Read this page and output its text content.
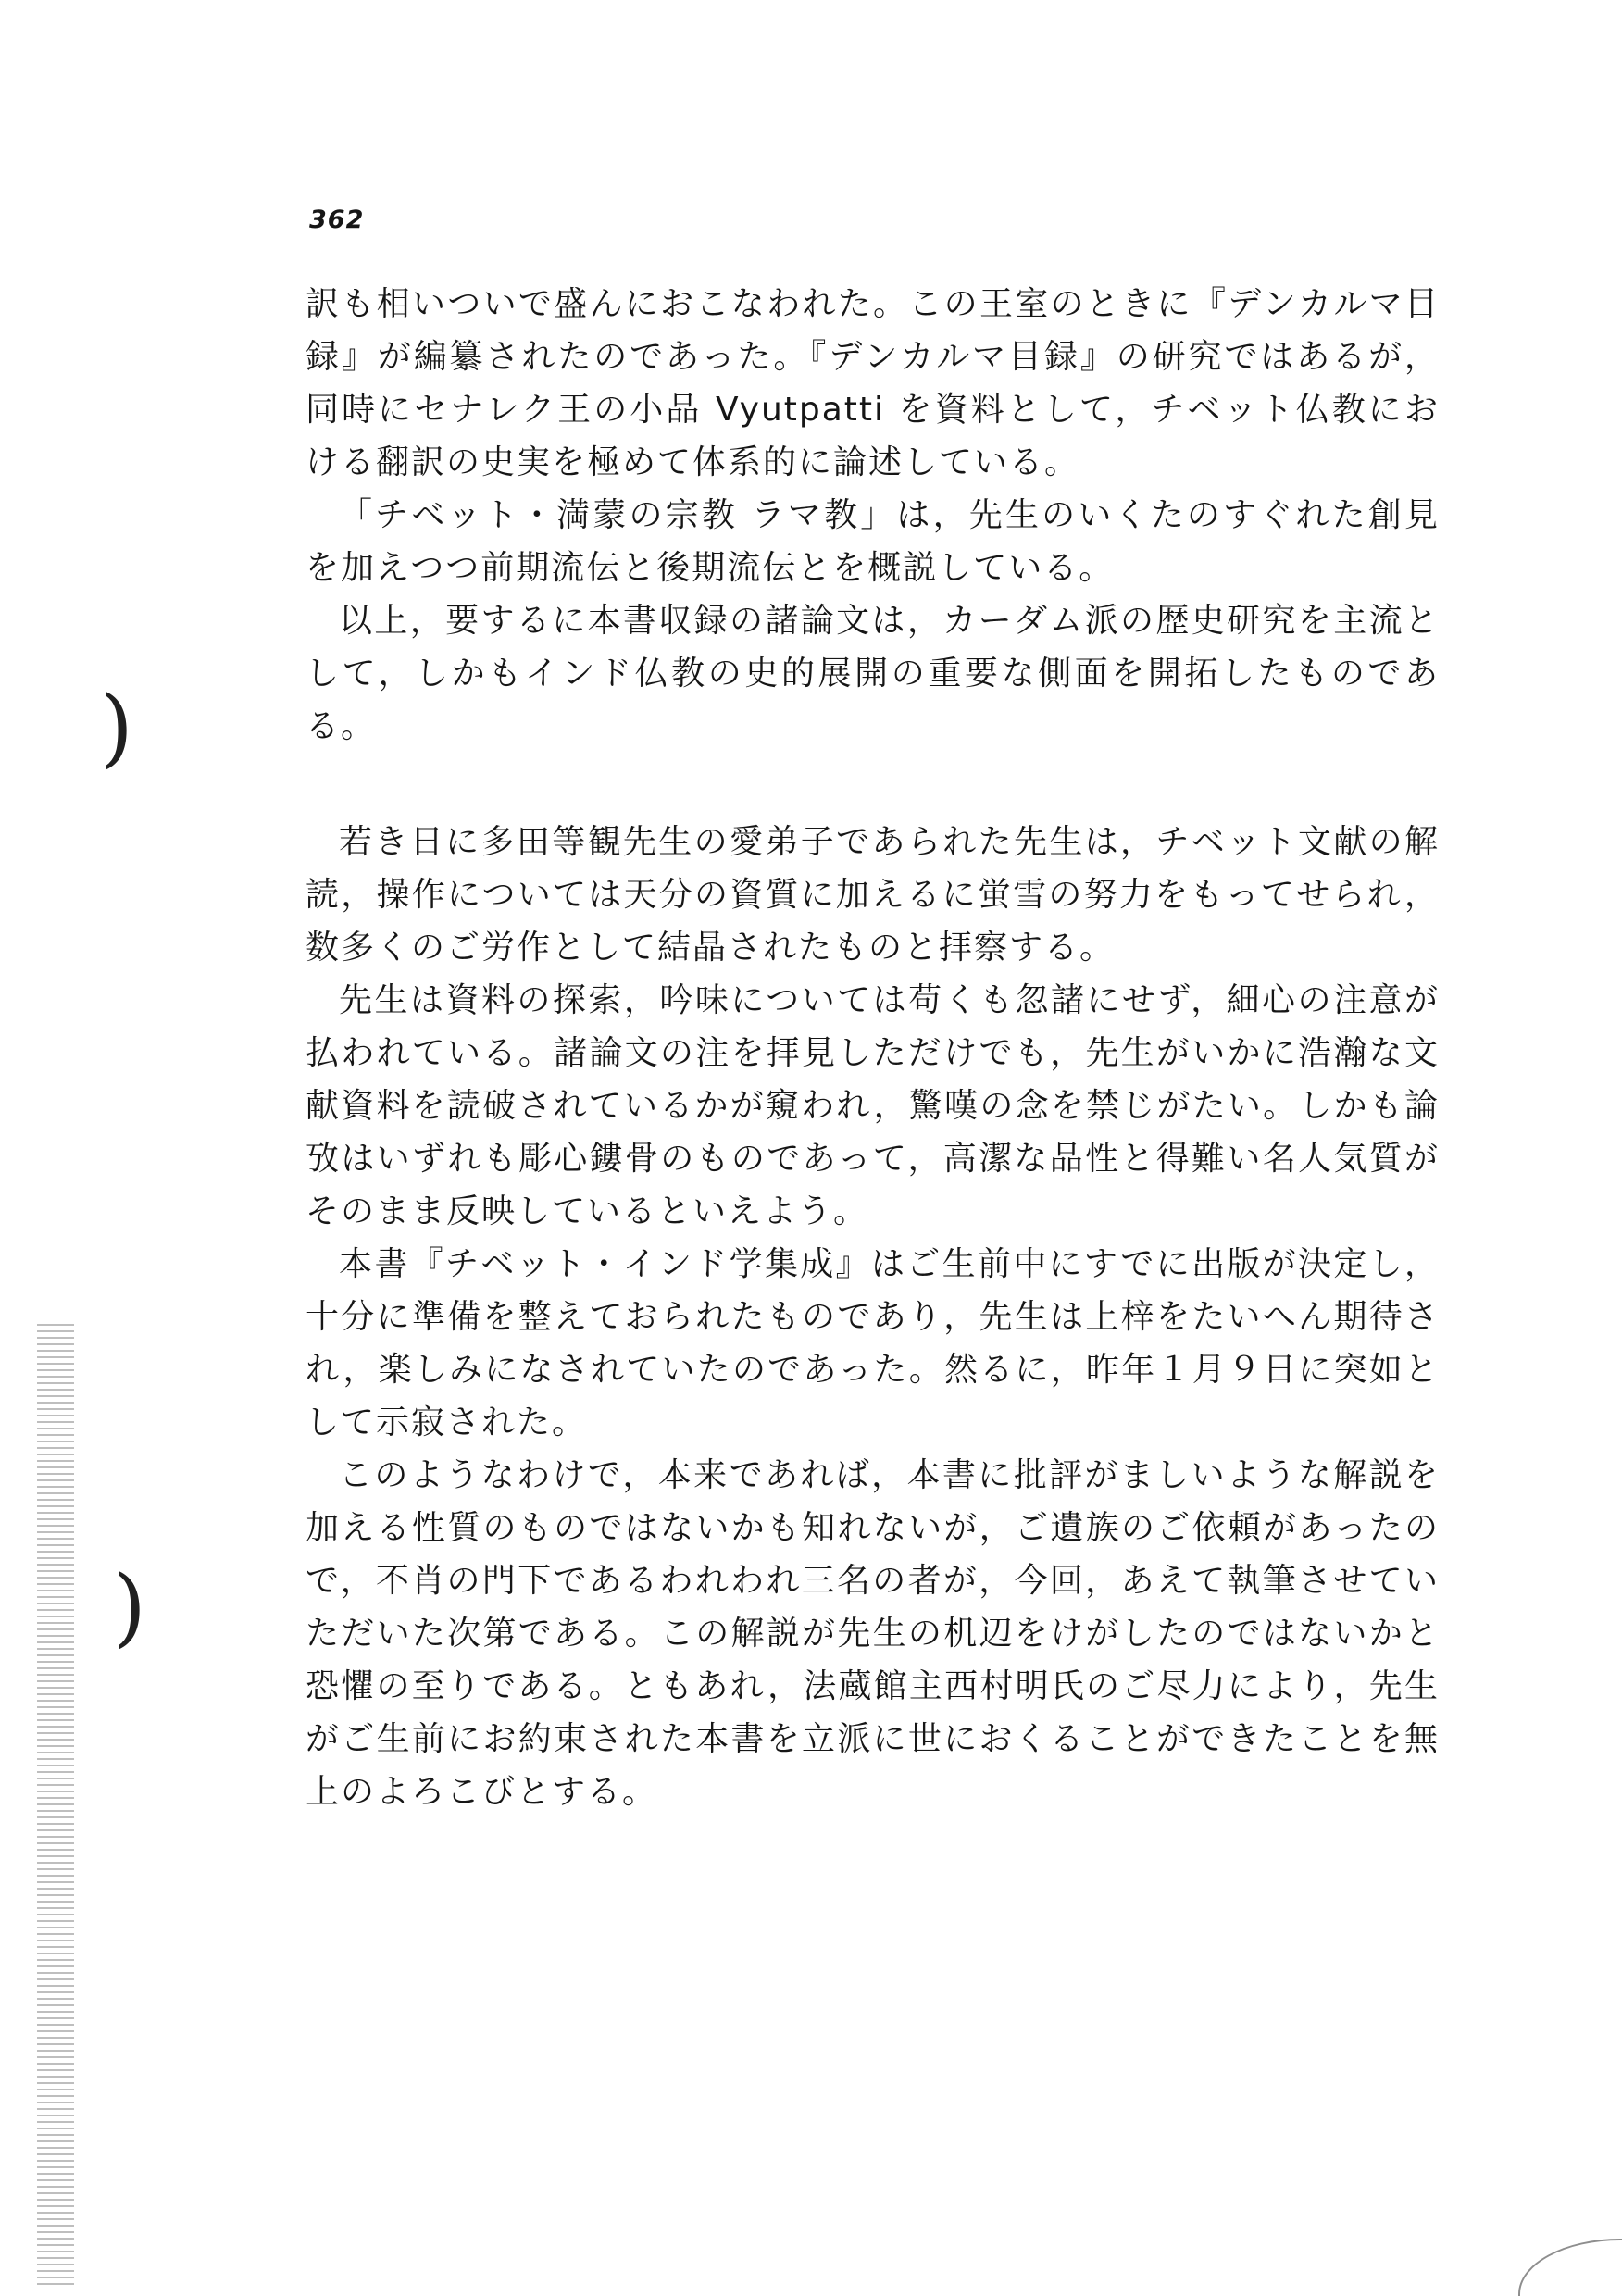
)
)
362

訳も相いついで盛んにおこなわれた。この王室のときに『デンカルマ目録』が編纂されたのであった。『デンカルマ目録』の研究ではあるが，同時にセナレク王の小品 Vyutpatti を資料として，チベット仏教における翻訳の史実を極めて体系的に論述している。

「チベット・満蒙の宗教 ラマ教」は，先生のいくたのすぐれた創見を加えつつ前期流伝と後期流伝とを概説している。

以上，要するに本書収録の諸論文は，カーダム派の歴史研究を主流として，しかもインド仏教の史的展開の重要な側面を開拓したものである。

若き日に多田等観先生の愛弟子であられた先生は，チベット文献の解読，操作については天分の資質に加えるに蛍雪の努力をもってせられ，数多くのご労作として結晶されたものと拝察する。

先生は資料の探索，吟味については苟くも忽諸にせず，細心の注意が払われている。諸論文の注を拝見しただけでも，先生がいかに浩瀚な文献資料を読破されているかが窺われ，驚嘆の念を禁じがたい。しかも論攷はいずれも彫心鏤骨のものであって，高潔な品性と得難い名人気質がそのまま反映しているといえよう。

本書『チベット・インド学集成』はご生前中にすでに出版が決定し，十分に準備を整えておられたものであり，先生は上梓をたいへん期待され，楽しみになされていたのであった。然るに，昨年１月９日に突如として示寂された。

このようなわけで，本来であれば，本書に批評がましいような解説を加える性質のものではないかも知れないが，ご遺族のご依頼があったので，不肖の門下であるわれわれ三名の者が，今回，あえて執筆させていただいた次第である。この解説が先生の机辺をけがしたのではないかと恐懼の至りである。ともあれ，法蔵館主西村明氏のご尽力により，先生がご生前にお約束された本書を立派に世におくることができたことを無上のよろこびとする。
